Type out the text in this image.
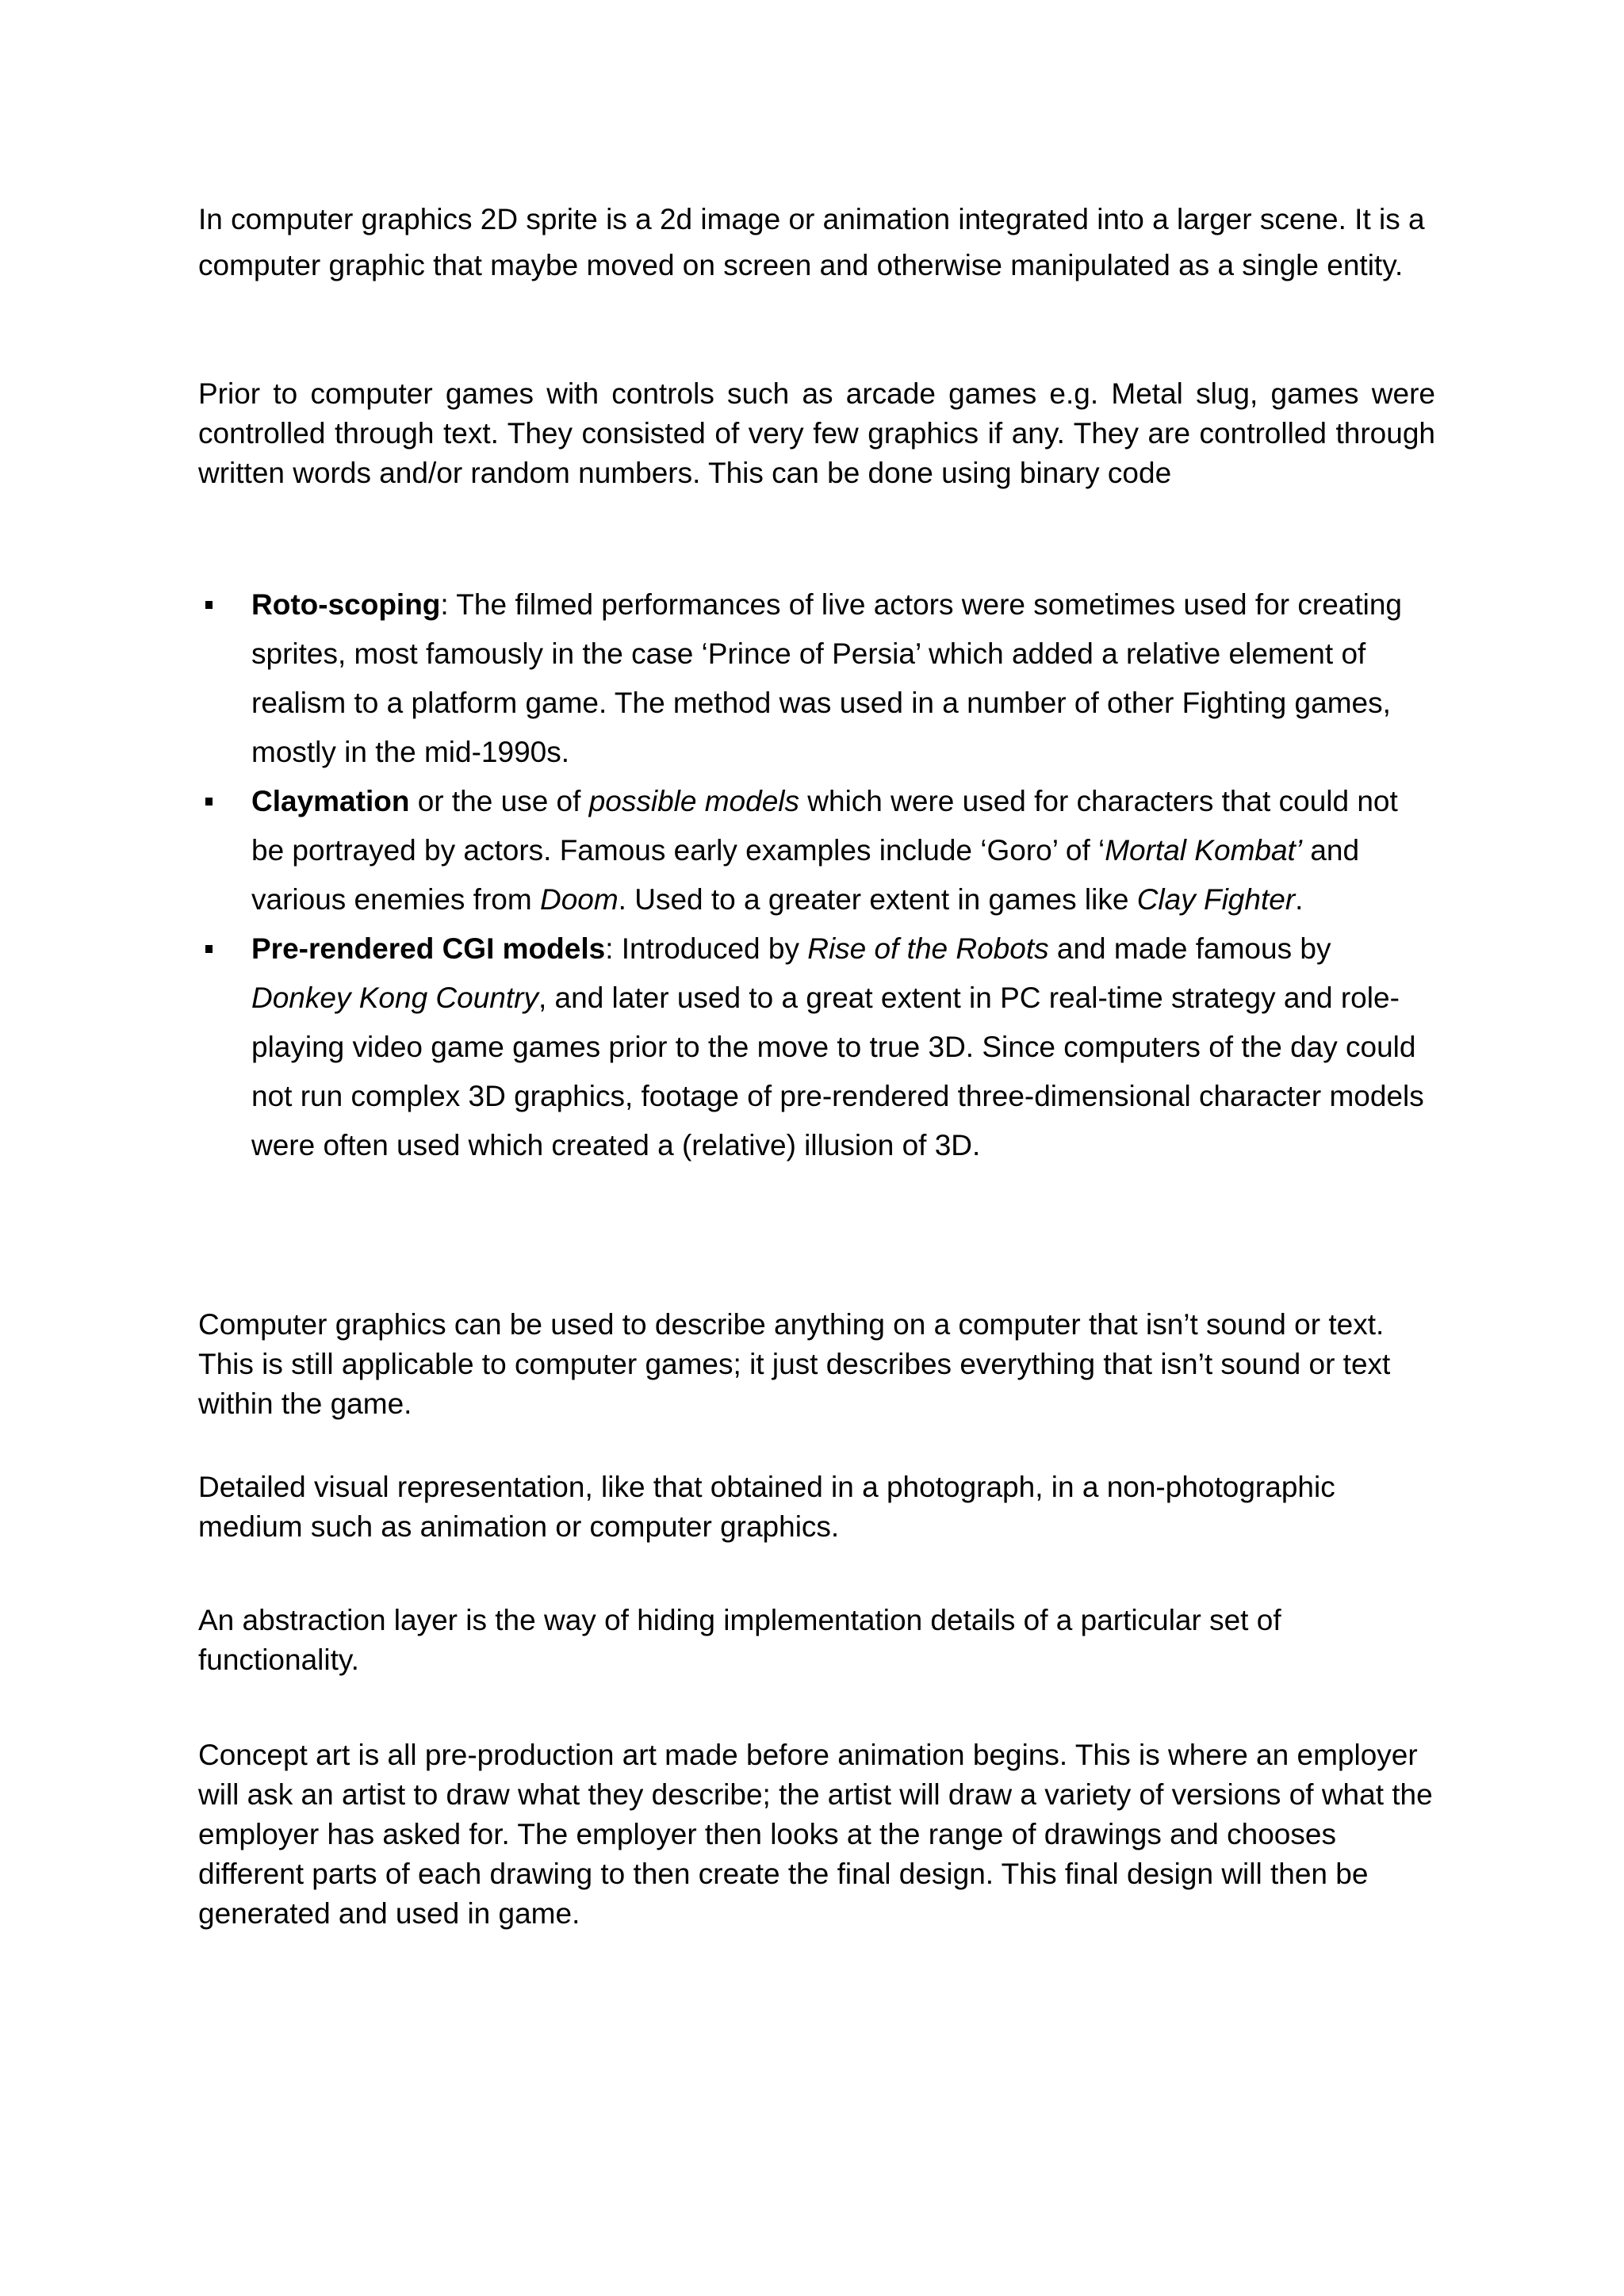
In computer graphics 2D sprite is a 2d image or animation integrated into a larger scene. It is a computer graphic that maybe moved on screen and otherwise manipulated as a single entity.

Prior to computer games with controls such as arcade games e.g. Metal slug, games were controlled through text. They consisted of very few graphics if any. They are controlled through written words and/or random numbers. This can be done using binary code

Roto-scoping: The filmed performances of live actors were sometimes used for creating sprites, most famously in the case ‘Prince of Persia’ which added a relative element of realism to a platform game. The method was used in a number of other Fighting games, mostly in the mid-1990s.
Claymation or the use of possible models which were used for characters that could not be portrayed by actors. Famous early examples include ‘Goro’ of ‘Mortal Kombat’ and various enemies from Doom. Used to a greater extent in games like Clay Fighter.
Pre-rendered CGI models: Introduced by Rise of the Robots and made famous by Donkey Kong Country, and later used to a great extent in PC real-time strategy and role-playing video game games prior to the move to true 3D. Since computers of the day could not run complex 3D graphics, footage of pre-rendered three-dimensional character models were often used which created a (relative) illusion of 3D.

Computer graphics can be used to describe anything on a computer that isn’t sound or text. This is still applicable to computer games; it just describes everything that isn’t sound or text within the game.

Detailed visual representation, like that obtained in a photograph, in a non-photographic medium such as animation or computer graphics.

An abstraction layer is the way of hiding implementation details of a particular set of functionality.

Concept art is all pre-production art made before animation begins. This is where an employer will ask an artist to draw what they describe; the artist will draw a variety of versions of what the employer has asked for. The employer then looks at the range of drawings and chooses different parts of each drawing to then create the final design. This final design will then be generated and used in game.
